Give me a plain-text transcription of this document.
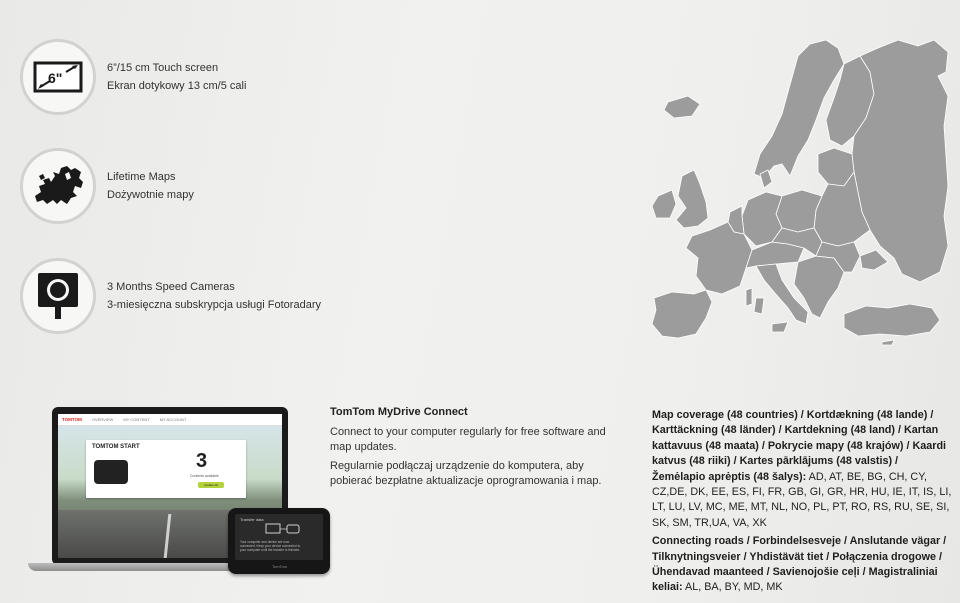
6"
6”/15 cm Touch screen
Ekran dotykowy 13 cm/5 cali
Lifetime Maps
Dożywotnie mapy
3 Months Speed Cameras
3-miesięczna subskrypcja usługi Fotoradary
TOMTOM	OVERVIEW	MY CONTENT	MY ACCOUNT
TOMTOM START
3
Contents available
Update All
Transfer data
Your computer and device are now connected. Keep your device connected to your computer until the transfer is finished.
TomTom
TomTom MyDrive Connect

Connect to your computer regularly for free software and map updates.

Regularnie podłączaj urządzenie do komputera, aby pobierać bezpłatne aktualizacje oprogramowania i map.

Map coverage (48 countries) / Kortdækning (48 lande) / Karttäckning (48 länder) / Kartdekning (48 land) / Kartan kattavuus (48 maata) / Pokrycie mapy (48 krajów) / Kaardi katvus (48 riiki) / Kartes pārklājums (48 valstis) / Žemėlapio aprėptis (48 šalys): AD, AT, BE, BG, CH, CY, CZ,DE, DK, EE, ES, FI, FR, GB, GI, GR, HR, HU, IE, IT, IS, LI, LT, LU, LV, MC, ME, MT, NL, NO, PL, PT, RO, RS, RU, SE, SI, SK, SM, TR,UA, VA, XK

Connecting roads / Forbindelsesveje / Anslutande vägar / Tilknytningsveier / Yhdistävät tiet / Połączenia drogowe / Ühendavad maanteed / Savienojošie ceļi / Magistraliniai keliai: AL, BA, BY, MD, MK
